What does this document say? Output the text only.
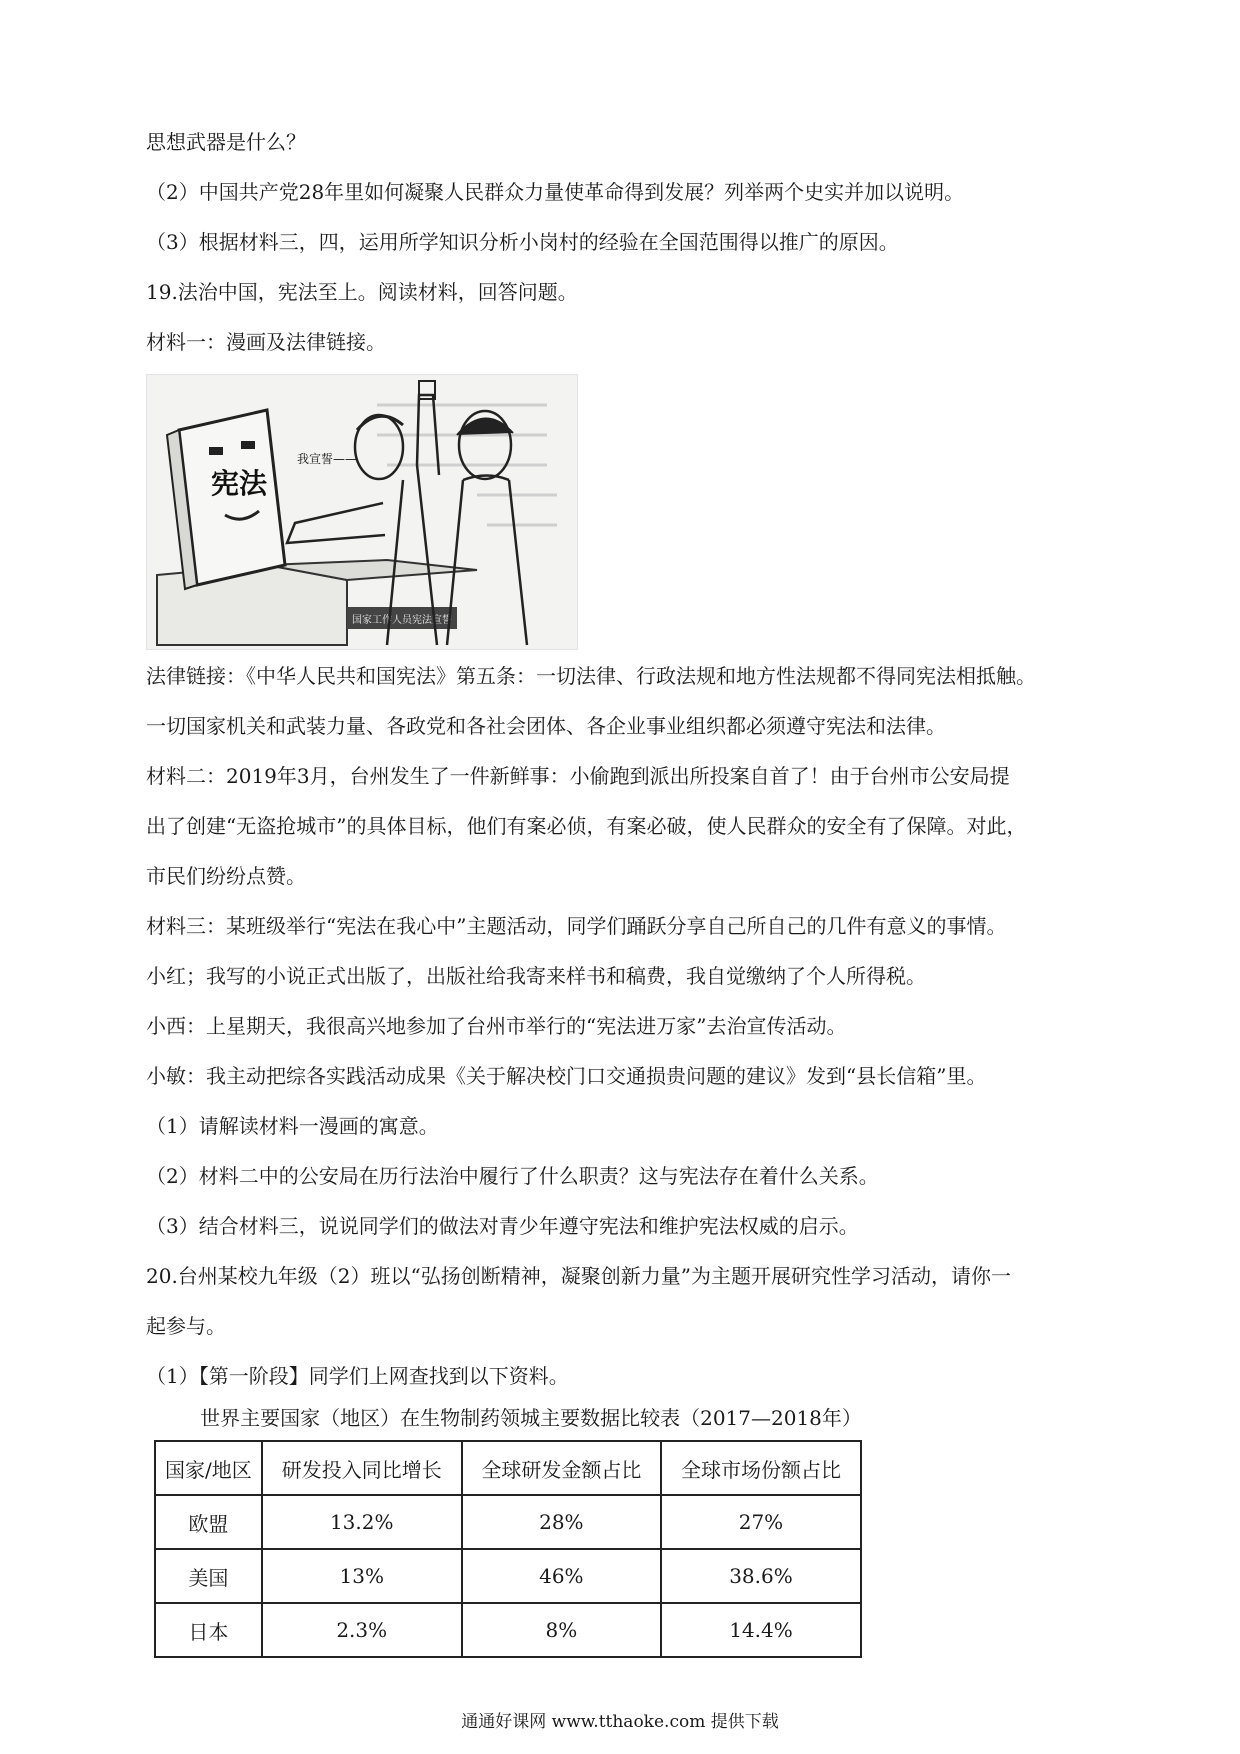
思想武器是什么？
（2）中国共产党28年里如何凝聚人民群众力量使革命得到发展？列举两个史实并加以说明。
（3）根据材料三，四，运用所学知识分析小岗村的经验在全国范围得以推广的原因。
19.法治中国，宪法至上。阅读材料，回答问题。
材料一：漫画及法律链接。
国家工作人员宪法宣誓
宪法
我宣誓——
法律链接：《中华人民共和国宪法》第五条：一切法律、行政法规和地方性法规都不得同宪法相抵触。
一切国家机关和武装力量、各政党和各社会团体、各企业事业组织都必须遵守宪法和法律。
材料二：2019年3月，台州发生了一件新鲜事：小偷跑到派出所投案自首了！由于台州市公安局提
出了创建“无盗抢城市”的具体目标，他们有案必侦，有案必破，使人民群众的安全有了保障。对此，
市民们纷纷点赞。
材料三：某班级举行“宪法在我心中”主题活动，同学们踊跃分享自己所自己的几件有意义的事情。
小红；我写的小说正式出版了，出版社给我寄来样书和稿费，我自觉缴纳了个人所得税。
小西：上星期天，我很高兴地参加了台州市举行的“宪法进万家”去治宣传活动。
小敏：我主动把综各实践活动成果《关于解决校门口交通损贵问题的建议》发到“县长信箱”里。
（1）请解读材料一漫画的寓意。
（2）材料二中的公安局在历行法治中履行了什么职责？这与宪法存在着什么关系。
（3）结合材料三，说说同学们的做法对青少年遵守宪法和维护宪法权威的启示。
20.台州某校九年级（2）班以“弘扬创断精神，凝聚创新力量”为主题开展研究性学习活动，请你一
起参与。
（1）【第一阶段】同学们上网查找到以下资料。
世界主要国家（地区）在生物制药领城主要数据比较表（2017—2018年）
国家/地区	研发投入同比增长	全球研发金额占比	全球市场份额占比
欧盟	13.2%	28%	27%
美国	13%	46%	38.6%
日本	2.3%	8%	14.4%
通通好课网 www.tthaoke.com 提供下载
